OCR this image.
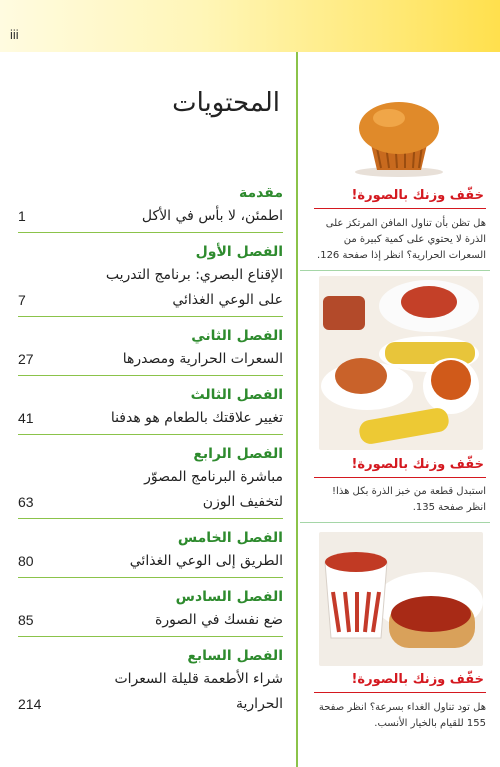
iii
المحتويات
مقدمة
اطمئن، لا بأس في الأكل
1
الفصل الأول
الإقناع البصري: برنامج التدريب
على الوعي الغذائي
7
الفصل الثاني
السعرات الحرارية ومصدرها
27
الفصل الثالث
تغيير علاقتك بالطعام هو هدفنا
41
الفصل الرابع
مباشرة البرنامج المصوّر
لتخفيف الوزن
63
الفصل الخامس
الطريق إلى الوعي الغذائي
80
الفصل السادس
ضع نفسك في الصورة
85
الفصل السابع
شراء الأطعمة قليلة السعرات
الحرارية
214
خفّف وزنك بالصورة!
هل تظن بأن تناول المافن المرتكز على
الذرة لا يحتوي على كمية كبيرة من
السعرات الحرارية؟ انظر إذا صفحة 126.
خفّف وزنك بالصورة!
استبدل قطعة من خبز الذرة بكل هذا!
انظر صفحة 135.
خفّف وزنك بالصورة!
هل تود تناول الغداء بسرعة؟ انظر صفحة
155 للقيام بالخيار الأنسب.
